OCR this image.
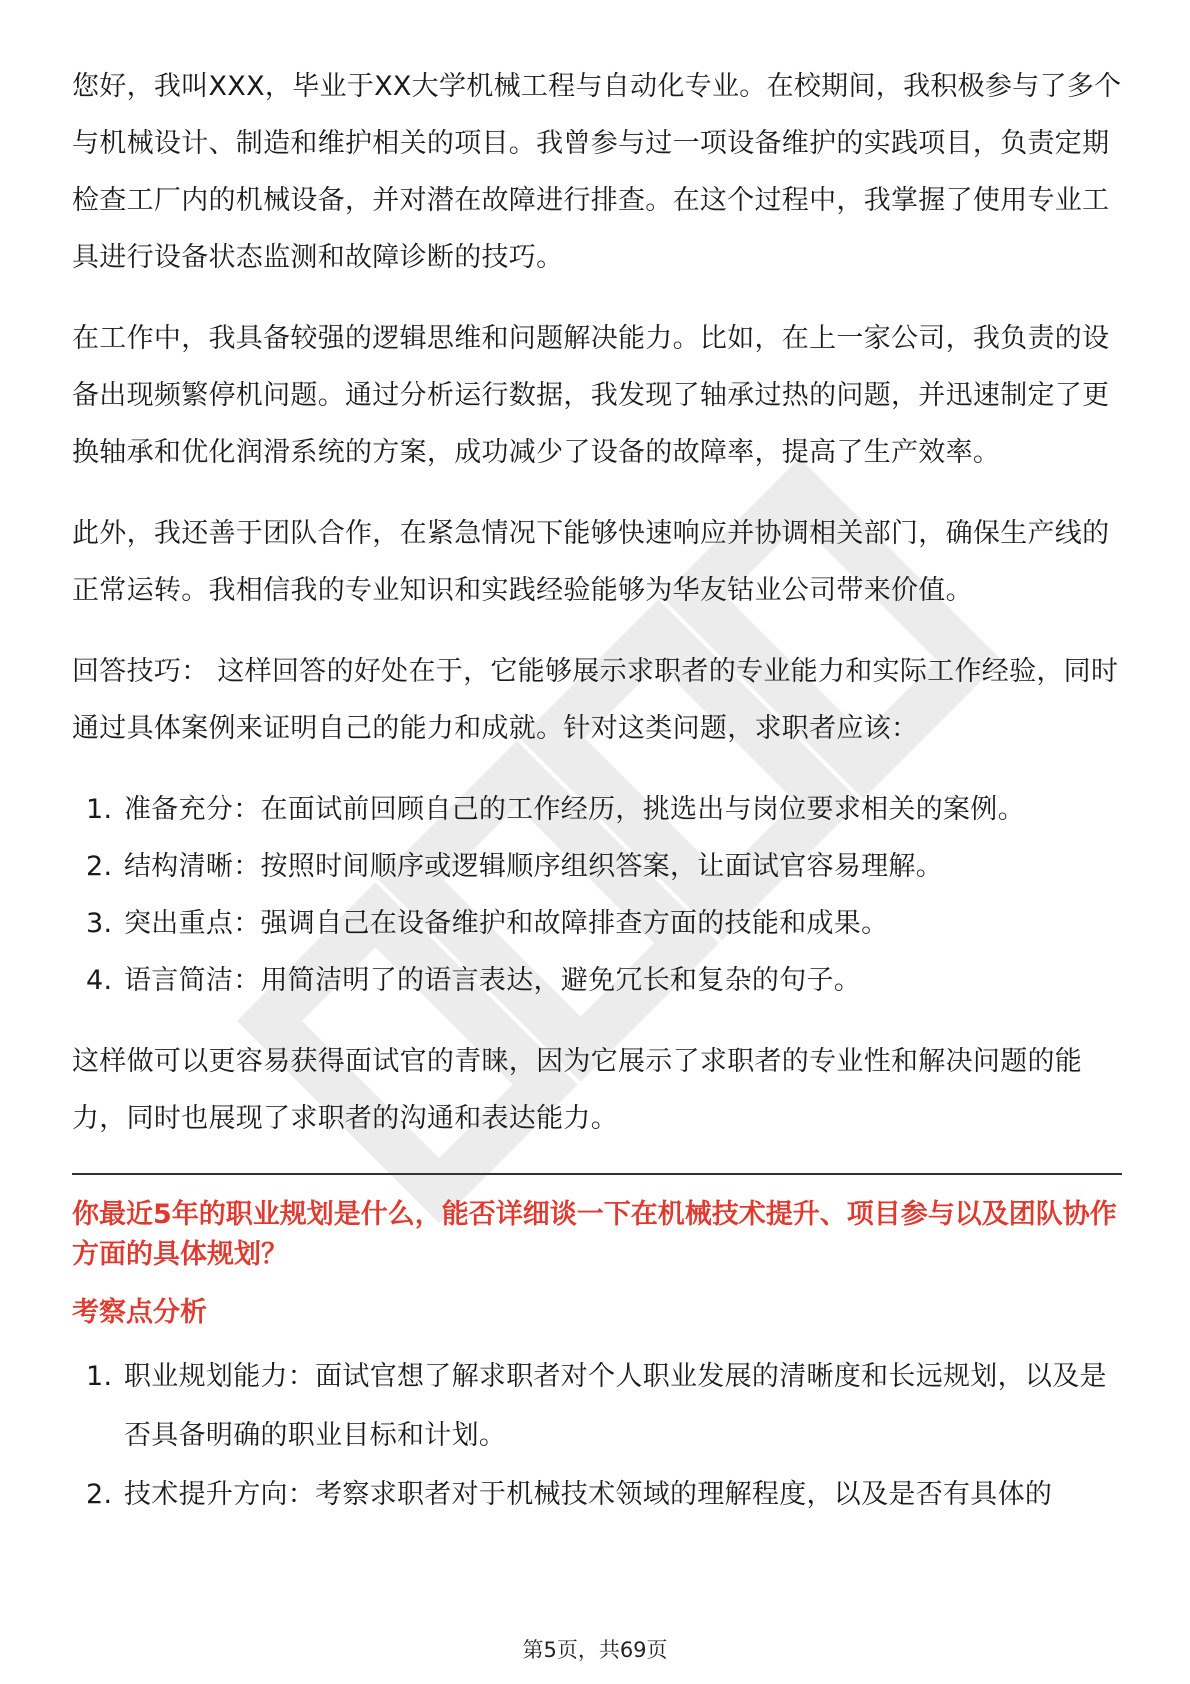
您好，我叫XXX，毕业于XX大学机械工程与自动化专业。在校期间，我积极参与了多个与机械设计、制造和维护相关的项目。我曾参与过一项设备维护的实践项目，负责定期检查工厂内的机械设备，并对潜在故障进行排查。在这个过程中，我掌握了使用专业工具进行设备状态监测和故障诊断的技巧。

在工作中，我具备较强的逻辑思维和问题解决能力。比如，在上一家公司，我负责的设备出现频繁停机问题。通过分析运行数据，我发现了轴承过热的问题，并迅速制定了更换轴承和优化润滑系统的方案，成功减少了设备的故障率，提高了生产效率。

此外，我还善于团队合作，在紧急情况下能够快速响应并协调相关部门，确保生产线的正常运转。我相信我的专业知识和实践经验能够为华友钴业公司带来价值。

回答技巧： 这样回答的好处在于，它能够展示求职者的专业能力和实际工作经验，同时通过具体案例来证明自己的能力和成就。针对这类问题，求职者应该：

1. 准备充分：在面试前回顾自己的工作经历，挑选出与岗位要求相关的案例。
2. 结构清晰：按照时间顺序或逻辑顺序组织答案，让面试官容易理解。
3. 突出重点：强调自己在设备维护和故障排查方面的技能和成果。
4. 语言简洁：用简洁明了的语言表达，避免冗长和复杂的句子。

这样做可以更容易获得面试官的青睐，因为它展示了求职者的专业性和解决问题的能力，同时也展现了求职者的沟通和表达能力。

你最近5年的职业规划是什么，能否详细谈一下在机械技术提升、项目参与以及团队协作方面的具体规划？
考察点分析
1. 职业规划能力：面试官想了解求职者对个人职业发展的清晰度和长远规划，以及是否具备明确的职业目标和计划。
2. 技术提升方向：考察求职者对于机械技术领域的理解程度，以及是否有具体的
第5页，共69页
